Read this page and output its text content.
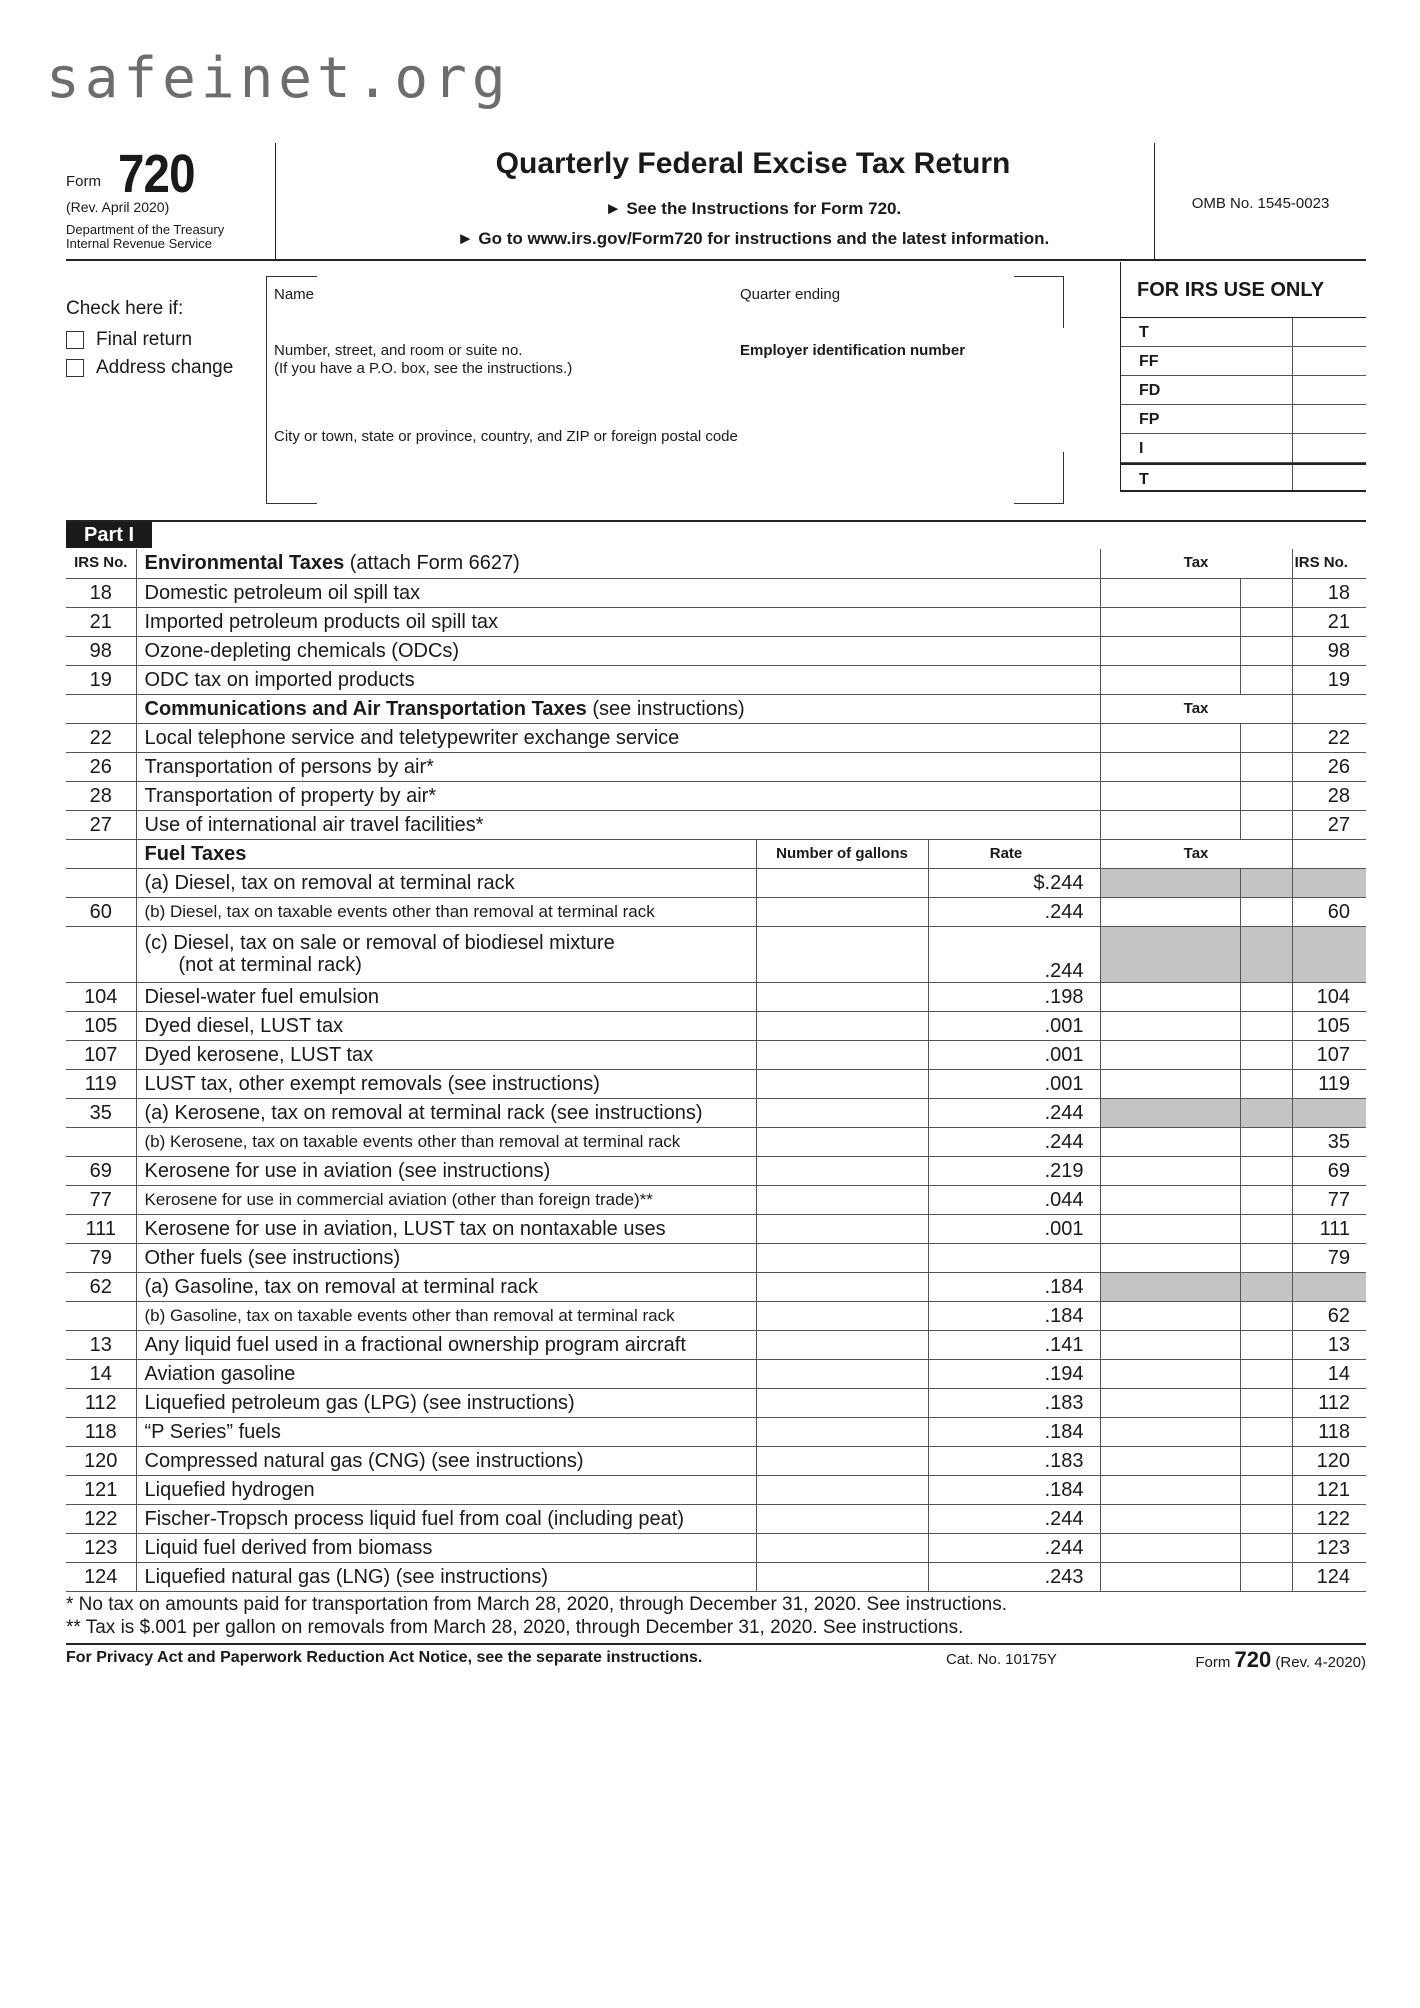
safeinet.org
Form 720
(Rev. April 2020)
Department of the Treasury
Internal Revenue Service
Quarterly Federal Excise Tax Return
► See the Instructions for Form 720.
► Go to www.irs.gov/Form720 for instructions and the latest information.
OMB No. 1545-0023
Check here if:
Final return
Address change
Name	Quarter ending
Number, street, and room or suite no.
(If you have a P.O. box, see the instructions.)
Employer identification number
City or town, state or province, country, and ZIP or foreign postal code
FOR IRS USE ONLY
T
FF
FD
FP
I
T
Part I
IRS No.	Environmental Taxes (attach Form 6627)			Tax		IRS No.
18	Domestic petroleum oil spill tax					18
21	Imported petroleum products oil spill tax					21
98	Ozone-depleting chemicals (ODCs)					98
19	ODC tax on imported products					19
	Communications and Air Transportation Taxes (see instructions)			Tax		
22	Local telephone service and teletypewriter exchange service					22
26	Transportation of persons by air*					26
28	Transportation of property by air*					28
27	Use of international air travel facilities*					27
	Fuel Taxes	Number of gallons	Rate	Tax		
	(a) Diesel, tax on removal at terminal rack		$.244			
60	(b) Diesel, tax on taxable events other than removal at terminal rack		.244			60

	(c) Diesel, tax on sale or removal of biodiesel mixture
(not at terminal rack)		.244			
104	Diesel-water fuel emulsion		.198			104
105	Dyed diesel, LUST tax		.001			105
107	Dyed kerosene, LUST tax		.001			107
119	LUST tax, other exempt removals (see instructions)		.001			119
35	(a) Kerosene, tax on removal at terminal rack (see instructions)		.244			
	(b) Kerosene, tax on taxable events other than removal at terminal rack		.244			35
69	Kerosene for use in aviation (see instructions)		.219			69
77	Kerosene for use in commercial aviation (other than foreign trade)**		.044			77
111	Kerosene for use in aviation, LUST tax on nontaxable uses		.001			111
79	Other fuels (see instructions)					79
62	(a) Gasoline, tax on removal at terminal rack		.184			
	(b) Gasoline, tax on taxable events other than removal at terminal rack		.184			62
13	Any liquid fuel used in a fractional ownership program aircraft		.141			13
14	Aviation gasoline		.194			14
112	Liquefied petroleum gas (LPG) (see instructions)		.183			112
118	“P Series” fuels		.184			118
120	Compressed natural gas (CNG) (see instructions)		.183			120
121	Liquefied hydrogen		.184			121
122	Fischer-Tropsch process liquid fuel from coal (including peat)		.244			122
123	Liquid fuel derived from biomass		.244			123
124	Liquefied natural gas (LNG) (see instructions)		.243			124
* No tax on amounts paid for transportation from March 28, 2020, through December 31, 2020. See instructions.
** Tax is $.001 per gallon on removals from March 28, 2020, through December 31, 2020. See instructions.
For Privacy Act and Paperwork Reduction Act Notice, see the separate instructions.	Cat. No. 10175Y	Form 720 (Rev. 4-2020)
